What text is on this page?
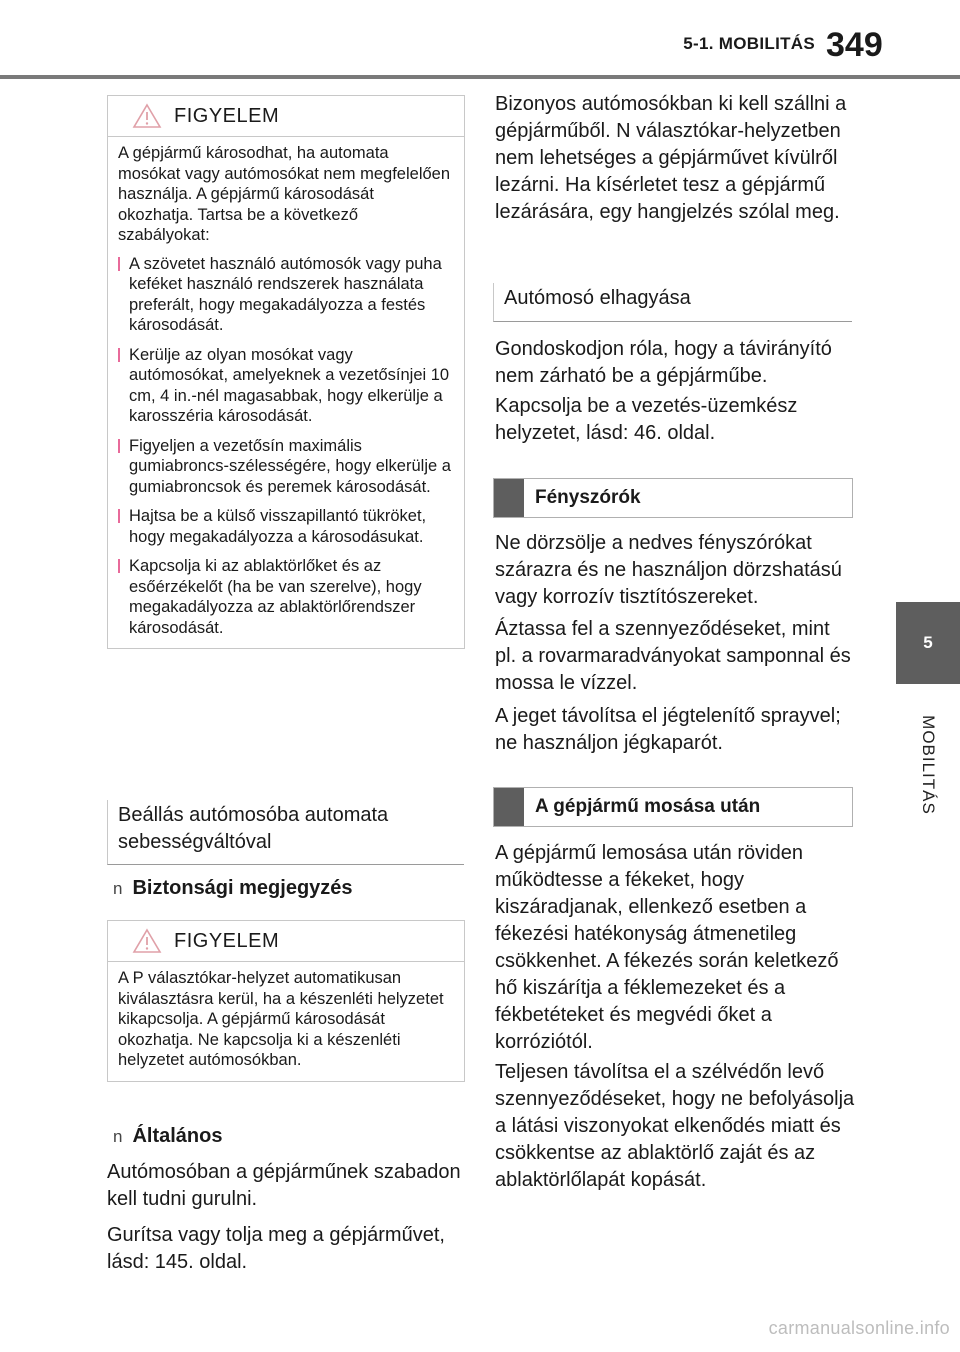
5-1. MOBILITÁS 349
5
MOBILITÁS
FIGYELEM

A gépjármű károsodhat, ha automata mosókat vagy autómosókat nem megfelelően használja. A gépjármű károsodását okozhatja. Tartsa be a következő szabályokat:

A szövetet használó autómosók vagy puha keféket használó rendszerek használata preferált, hogy megakadályozza a festés károsodását.
Kerülje az olyan mosókat vagy autómosókat, amelyeknek a vezetősínjei 10 cm, 4 in.-nél magasabbak, hogy elkerülje a karosszéria károsodását.
Figyeljen a vezetősín maximális gumiabroncs-szélességére, hogy elkerülje a gumiabroncsok és peremek károsodását.
Hajtsa be a külső visszapillantó tükröket, hogy megakadályozza a károsodásukat.
Kapcsolja ki az ablaktörlőket és az esőérzékelőt (ha be van szerelve), hogy megakadályozza az ablaktörlőrendszer károsodását.
Beállás autómosóba automata sebességváltóval
n Biztonsági megjegyzés
FIGYELEM

A P választókar-helyzet automatikusan kiválasztásra kerül, ha a készenléti helyzetet kikapcsolja. A gépjármű károsodását okozhatja. Ne kapcsolja ki a készenléti helyzetet autómosókban.

n Általános

Autómosóban a gépjárműnek szabadon kell tudni gurulni.

Gurítsa vagy tolja meg a gépjárművet, lásd: 145. oldal.

Bizonyos autómosókban ki kell szállni a gépjárműből. N választókar-helyzetben nem lehetséges a gépjárművet kívülről lezárni. Ha kísérletet tesz a gépjármű lezárására, egy hangjelzés szólal meg.

Autómosó elhagyása

Gondoskodjon róla, hogy a távirányító nem zárható be a gépjárműbe.

Kapcsolja be a vezetés-üzemkész helyzetet, lásd: 46. oldal.

Fényszórók

Ne dörzsölje a nedves fényszórókat szárazra és ne használjon dörzshatású vagy korrozív tisztítószereket.

Áztassa fel a szennyeződéseket, mint pl. a rovarmaradványokat samponnal és mossa le vízzel.

A jeget távolítsa el jégtelenítő sprayvel; ne használjon jégkaparót.

A gépjármű mosása után

A gépjármű lemosása után röviden működtesse a fékeket, hogy kiszáradjanak, ellenkező esetben a fékezési hatékonyság átmenetileg csökkenhet. A fékezés során keletkező hő kiszárítja a féklemezeket és a fékbetéteket és megvédi őket a korróziótól.

Teljesen távolítsa el a szélvédőn levő szennyeződéseket, hogy ne befolyásolja a látási viszonyokat elkenődés miatt és csökkentse az ablaktörlő zaját és az ablaktörlőlapát kopását.

carmanualsonline.info
